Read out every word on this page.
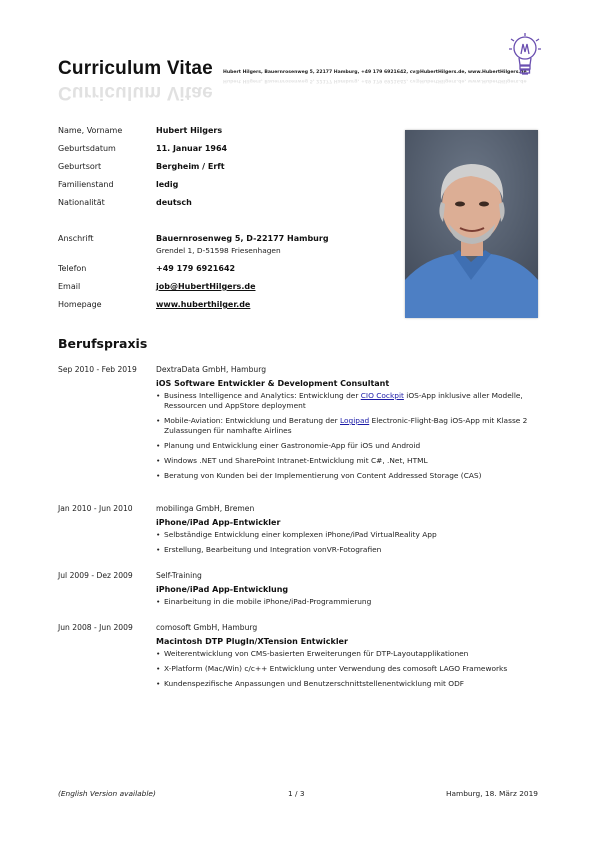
Curriculum Vitae
Curriculum Vitae
Hubert Hilgers, Bauernrosenweg 5, 22177 Hamburg, +49 179 6921642, cv@HubertHilgers.de, www.HubertHilgers.de
Hubert Hilgers, Bauernrosenweg 5, 22177 Hamburg, +49 179 6921642, cv@HubertHilgers.de, www.HubertHilgers.de
Name, Vorname	Hubert Hilgers
Geburtsdatum	11. Januar 1964
Geburtsort	Bergheim / Erft
Familienstand	ledig
Nationalität	deutsch
Anschrift	Bauernrosenweg 5, D-22177 Hamburg
Grendel 1, D-51598 Friesenhagen
Telefon	+49 179 6921642
Email	job@HubertHilgers.de
Homepage	www.huberthilger.de
Berufspraxis
Sep 2010 - Feb 2019	DextraData GmbH, Hamburg
iOS Software Entwickler & Development Consultant
• Business Intelligence and Analytics: Entwicklung der CIO Cockpit iOS-App inklusive aller Modelle, Ressourcen und AppStore deployment
• Mobile-Aviation: Entwicklung und Beratung der Logipad Electronic-Flight-Bag iOS-App mit Klasse 2 Zulassungen für namhafte Airlines
• Planung und Entwicklung einer Gastronomie-App für iOS und Android
• Windows .NET und SharePoint Intranet-Entwicklung mit C#, .Net, HTML
• Beratung von Kunden bei der Implementierung von Content Addressed Storage (CAS)
Jan 2010 - Jun 2010	mobilinga GmbH, Bremen
iPhone/iPad App-Entwickler
• Selbständige Entwicklung einer komplexen iPhone/iPad VirtualReality App
• Erstellung, Bearbeitung und Integration vonVR-Fotografien
Jul 2009 - Dez 2009	Self-Training
iPhone/iPad App-Entwicklung
• Einarbeitung in die mobile iPhone/iPad-Programmierung
Jun 2008 - Jun 2009	comosoft GmbH, Hamburg
Macintosh DTP PlugIn/XTension Entwickler
• Weiterentwicklung von CMS-basierten Erweiterungen für DTP-Layoutapplikationen
• X-Platform (Mac/Win) c/c++ Entwicklung unter Verwendung des comosoft LAGO Frameworks
• Kundenspezifische Anpassungen und Benutzerschnittstellenentwicklung mit ODF
(English Version available)	1 / 3	Hamburg, 18. März 2019
